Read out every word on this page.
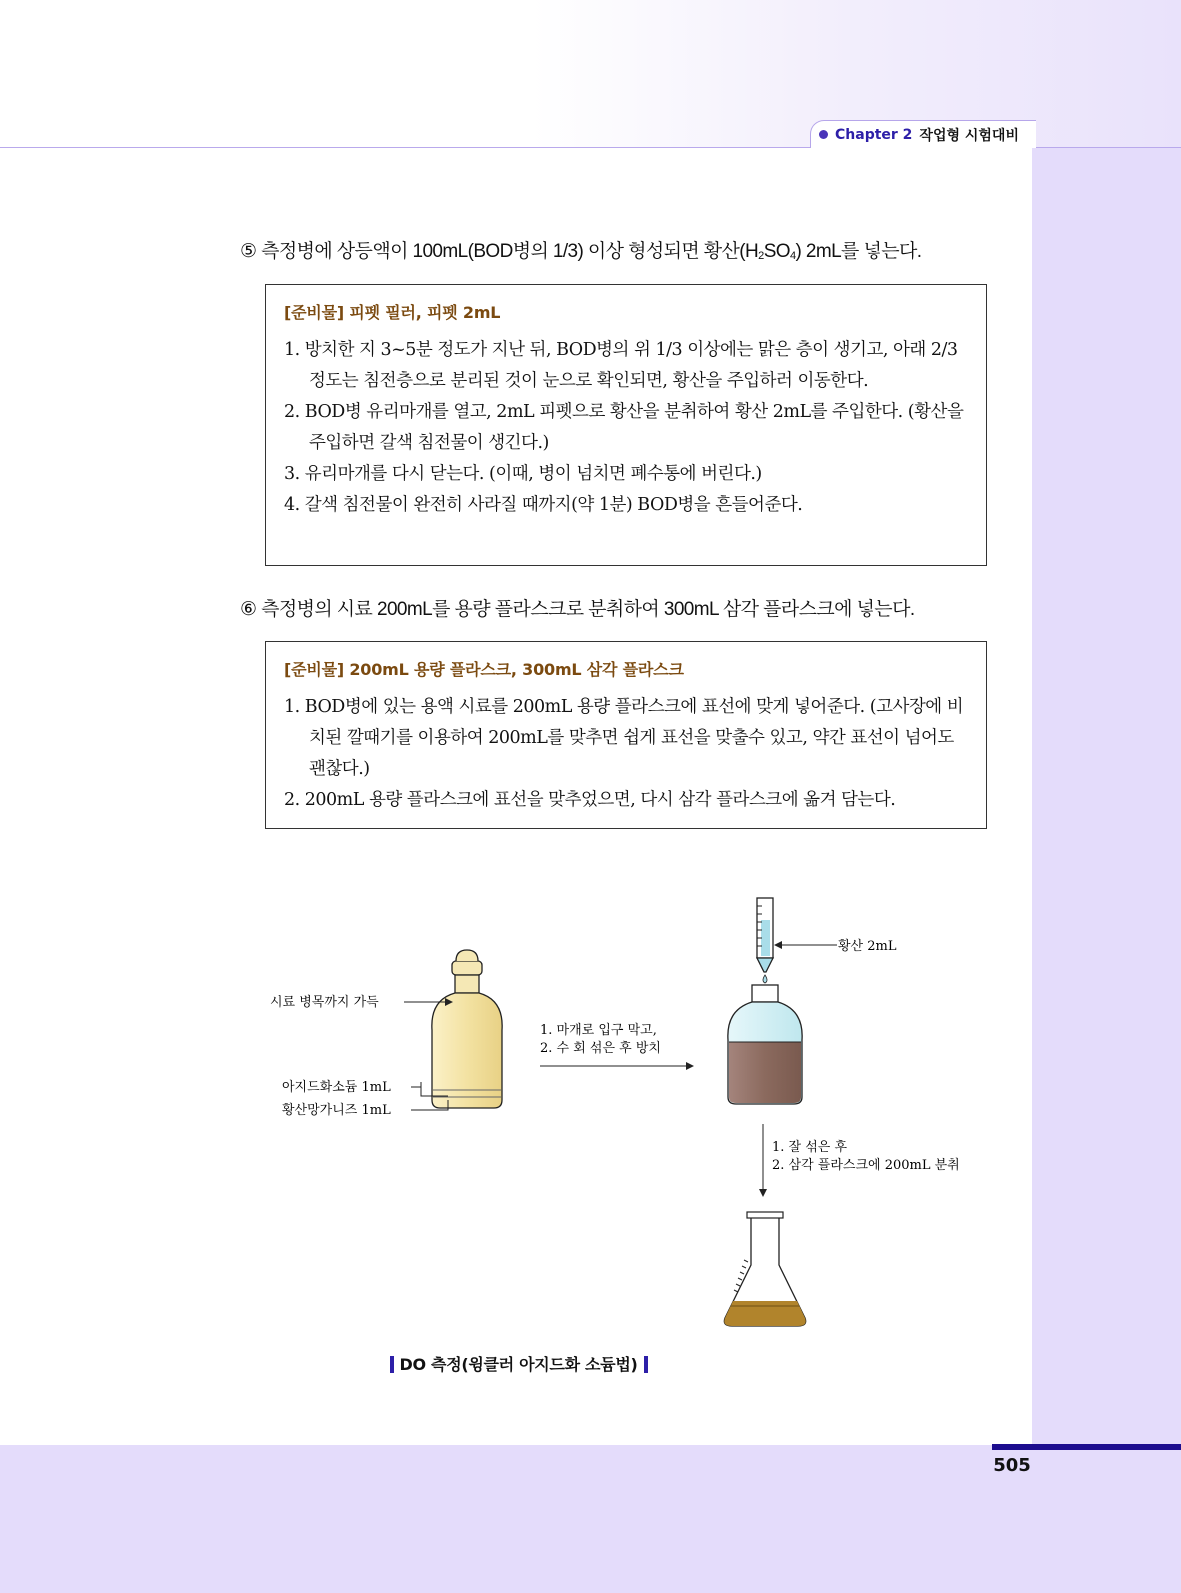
Chapter 2 작업형 시험대비
⑤ 측정병에 상등액이 100mL(BOD병의 1/3) 이상 형성되면 황산$(H_2SO_4)$ 2mL를 넣는다.
[준비물] 피펫 필러, 피펫 2mL
1. 방치한 지 3~5분 정도가 지난 뒤, BOD병의 위 1/3 이상에는 맑은 층이 생기고, 아래 2/3 정도는 침전층으로 분리된 것이 눈으로 확인되면, 황산을 주입하러 이동한다.
2. BOD병 유리마개를 열고, 2mL 피펫으로 황산을 분취하여 황산 2mL를 주입한다. (황산을 주입하면 갈색 침전물이 생긴다.)
3. 유리마개를 다시 닫는다. (이때, 병이 넘치면 폐수통에 버린다.)
4. 갈색 침전물이 완전히 사라질 때까지(약 1분) BOD병을 흔들어준다.
⑥ 측정병의 시료 200mL를 용량 플라스크로 분취하여 300mL 삼각 플라스크에 넣는다.
[준비물] 200mL 용량 플라스크, 300mL 삼각 플라스크
1. BOD병에 있는 용액 시료를 200mL 용량 플라스크에 표선에 맞게 넣어준다. (고사장에 비치된 깔때기를 이용하여 200mL를 맞추면 쉽게 표선을 맞출수 있고, 약간 표선이 넘어도 괜찮다.)
2. 200mL 용량 플라스크에 표선을 맞추었으면, 다시 삼각 플라스크에 옮겨 담는다.
시료 병목까지 가득
아지드화소듐 1mL
황산망가니즈 1mL
1. 마개로 입구 막고,
2. 수 회 섞은 후 방치
황산 2mL
1. 잘 섞은 후
2. 삼각 플라스크에 200mL 분취
DO 측정(윙클러 아지드화 소듐법)
505
